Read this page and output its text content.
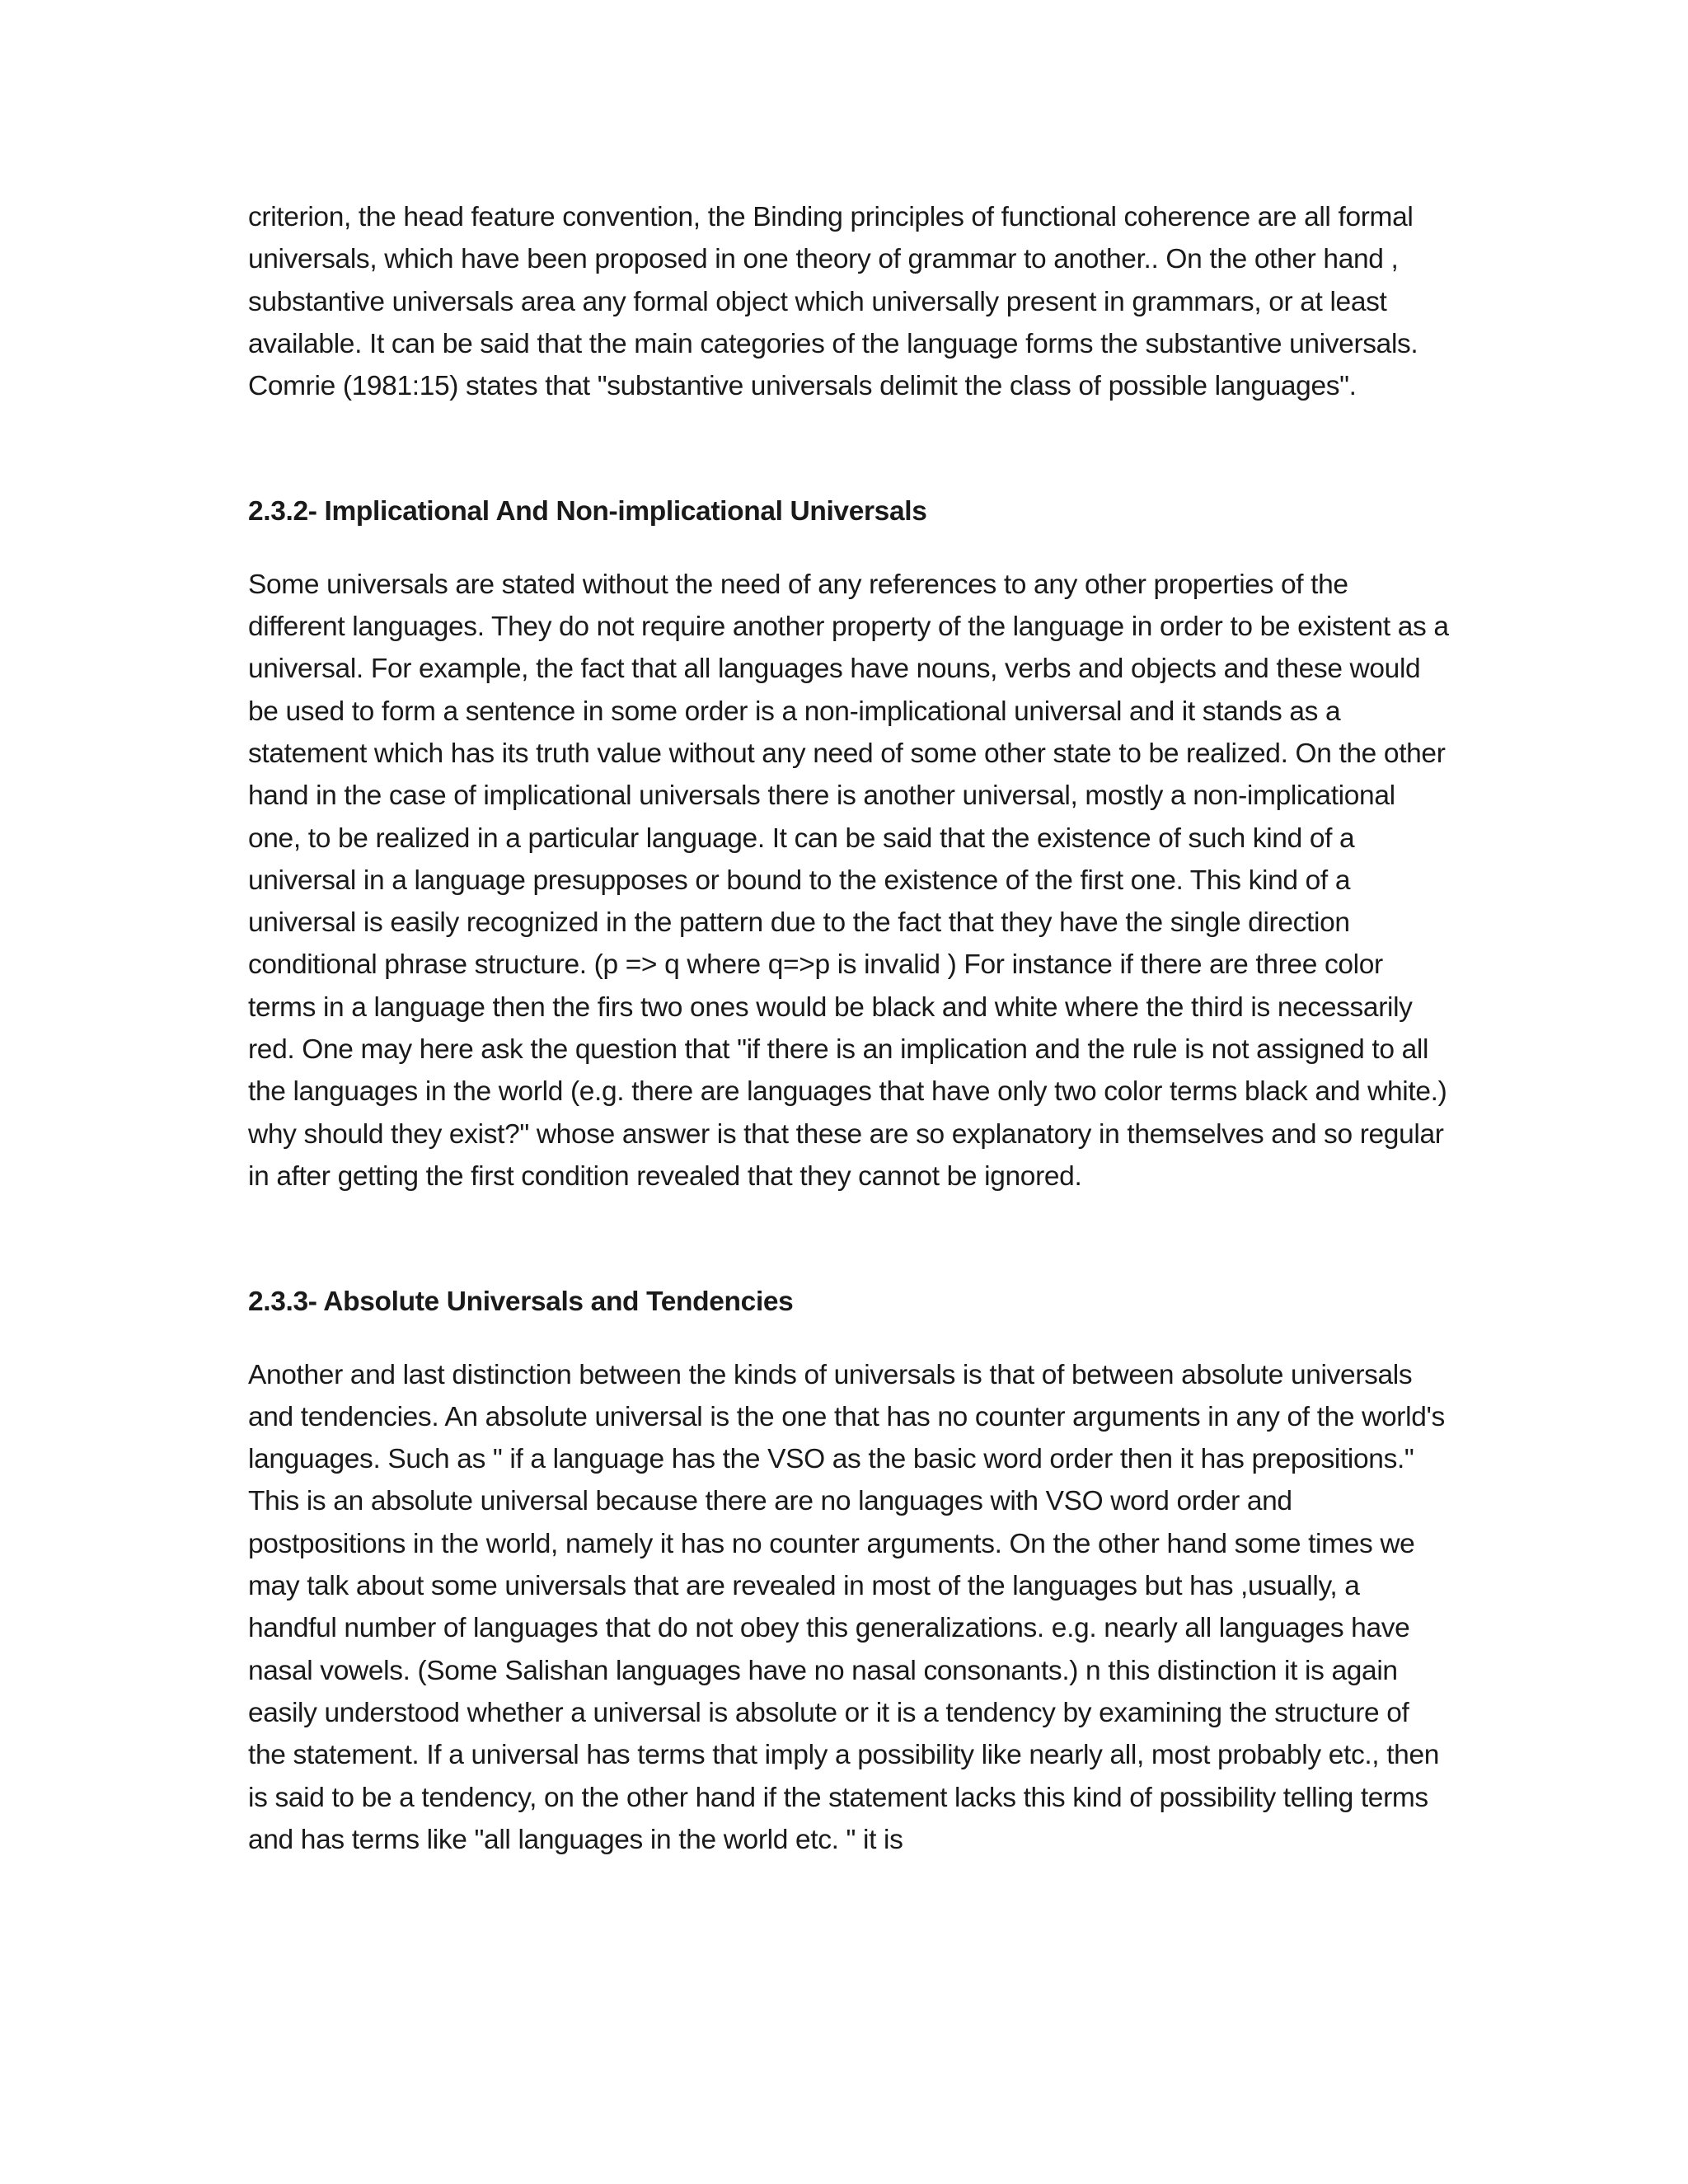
criterion, the head feature convention, the Binding principles of functional coherence are all formal universals, which have been proposed in one theory of grammar to another.. On the other hand , substantive universals area any formal object which universally present in grammars, or at least available. It can be said that the main categories of the language forms the substantive universals. Comrie (1981:15) states that "substantive universals delimit the class of possible languages".

2.3.2- Implicational And Non-implicational Universals

Some universals are stated without the need of any references to any other properties of the different languages. They do not require another property of the language in order to be existent as a universal. For example, the fact that all languages have nouns, verbs and objects and these would be used to form a sentence in some order is a non-implicational universal and it stands as a statement which has its truth value without any need of some other state to be realized. On the other hand in the case of implicational universals there is another universal, mostly a non-implicational one, to be realized in a particular language. It can be said that the existence of such kind of a universal in a language presupposes or bound to the existence of the first one. This kind of a universal is easily recognized in the pattern due to the fact that they have the single direction conditional phrase structure. (p => q where q=>p is invalid ) For instance if there are three color terms in a language then the firs two ones would be black and white where the third is necessarily red. One may here ask the question that "if there is an implication and the rule is not assigned to all the languages in the world (e.g. there are languages that have only two color terms black and white.) why should they exist?" whose answer is that these are so explanatory in themselves and so regular in after getting the first condition revealed that they cannot be ignored.

2.3.3- Absolute Universals and Tendencies

Another and last distinction between the kinds of universals is that of between absolute universals and tendencies. An absolute universal is the one that has no counter arguments in any of the world's languages. Such as " if a language has the VSO as the basic word order then it has prepositions." This is an absolute universal because there are no languages with VSO word order and postpositions in the world, namely it has no counter arguments. On the other hand some times we may talk about some universals that are revealed in most of the languages but has ,usually, a handful number of languages that do not obey this generalizations. e.g. nearly all languages have nasal vowels. (Some Salishan languages have no nasal consonants.) n this distinction it is again easily understood whether a universal is absolute or it is a tendency by examining the structure of the statement. If a universal has terms that imply a possibility like nearly all, most probably etc., then is said to be a tendency, on the other hand if the statement lacks this kind of possibility telling terms and has terms like "all languages in the world etc. " it is
